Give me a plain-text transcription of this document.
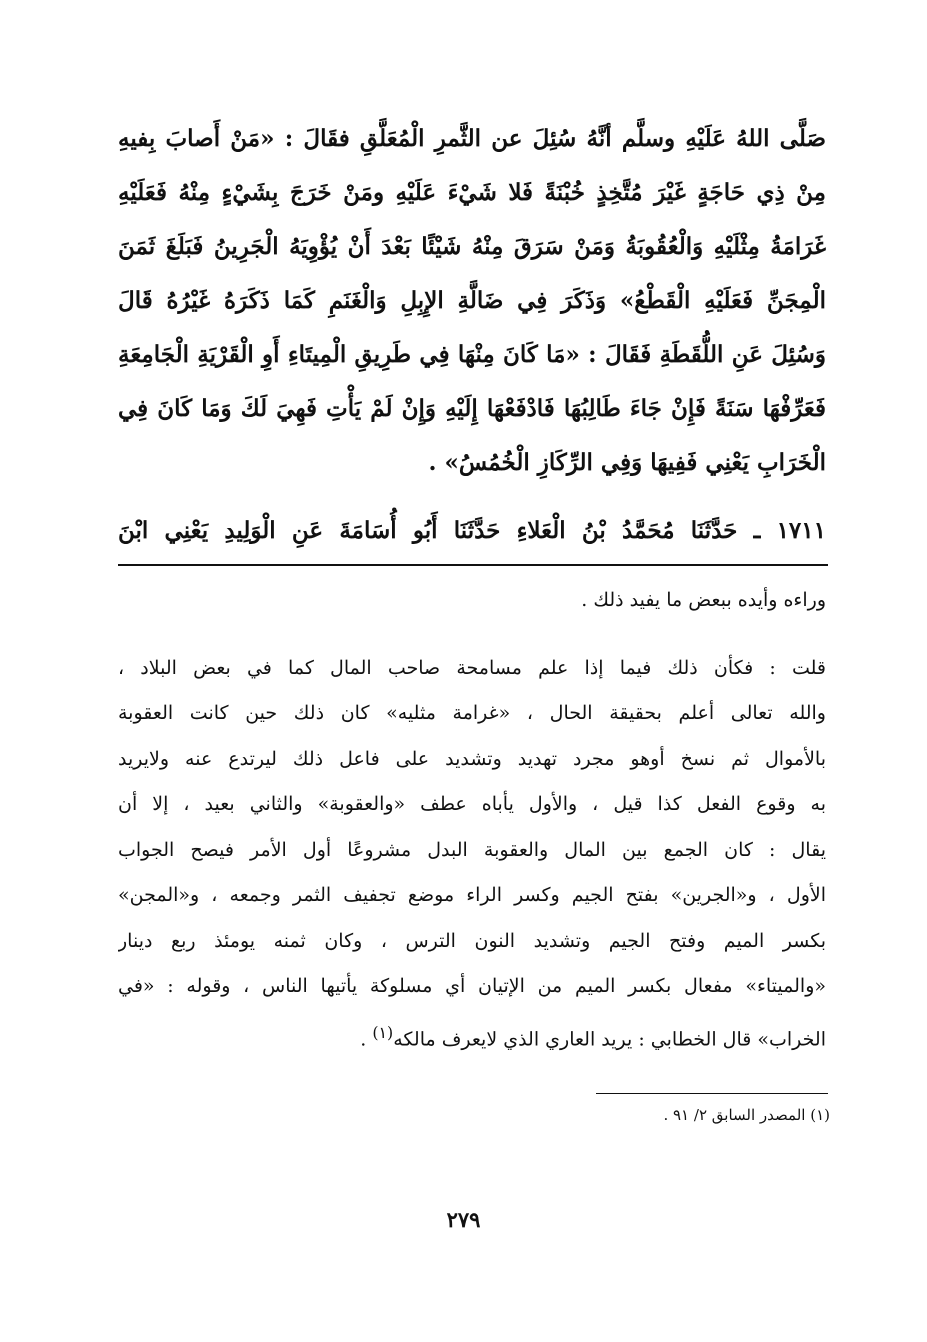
صَلَّى اللهُ عَلَيْهِ وسلَّم أنَّهُ سُئِلَ عن الثَّمرِ الْمُعَلَّقِ فقَالَ : «مَنْ أَصابَ بِفيهِ
مِنْ ذِي حَاجَةٍ غَيْرَ مُتَّخِذٍ خُبْنَةً فَلا شَيْءَ عَلَيْهِ ومَنْ خَرَجَ بِشَيْءٍ مِنْهُ فَعَلَيْهِ
غَرَامَةُ مِثْلَيْهِ وَالْعُقُوبَةُ وَمَنْ سَرَقَ مِنْهُ شَيْئًا بَعْدَ أَنْ يُؤْوِيَهُ الْجَرِينُ فَبَلَغَ ثَمَنَ
الْمِجَنِّ فَعَلَيْهِ الْقَطْعُ» وَذَكَرَ فِي ضَالَّةِ الإِبِلِ وَالْغَنَمِ كَمَا ذَكَرَهُ غَيْرُهُ قَالَ
وَسُئِلَ عَنِ اللُّقَطَةِ فَقَالَ : «مَا كَانَ مِنْهَا فِي طَرِيقِ الْمِيتَاءِ أَوِ الْقَرْيَةِ الْجَامِعَةِ
فَعَرِّفْهَا سَنَةً فَإِنْ جَاءَ طَالِبُهَا فَادْفَعْهَا إِلَيْهِ وَإِنْ لَمْ يَأْتِ فَهِيَ لَكَ وَمَا كَانَ فِي
الْخَرَابِ يَعْنِي فَفِيهَا وَفِي الرِّكَازِ الْخُمُسُ» .
١٧١١ ـ حَدَّثَنَا مُحَمَّدُ بْنُ الْعَلاءِ حَدَّثَنَا أَبُو أُسَامَةَ عَنِ الْوَلِيدِ يَعْنِي ابْنَ
وراءه وأيده ببعض ما يفيد ذلك .
قلت : فكأن ذلك فيما إذا علم مسامحة صاحب المال كما في بعض البلاد ،
والله تعالى أعلم بحقيقة الحال ، «غرامة مثليه» كان ذلك حين كانت العقوبة
بالأموال ثم نسخ أوهو مجرد تهديد وتشديد على فاعل ذلك ليرتدع عنه ولايريد
به وقوع الفعل كذا قيل ، والأول يأباه عطف «والعقوبة» والثاني بعيد ، إلا أن
يقال : كان الجمع بين المال والعقوبة البدل مشروعًا أول الأمر فيصح الجواب
الأول ، و«الجرين» بفتح الجيم وكسر الراء موضع تجفيف الثمر وجمعه ، و«المجن»
بكسر الميم وفتح الجيم وتشديد النون الترس ، وكان ثمنه يومئذ ربع دينار
«والميتاء» مفعال بكسر الميم من الإتيان أي مسلوكة يأتيها الناس ، وقوله : «في
الخراب» قال الخطابي : يريد العاري الذي لايعرف مالكه$^{(١)}$ .
(١) المصدر السابق ٢/ ٩١ .
٢٧٩
